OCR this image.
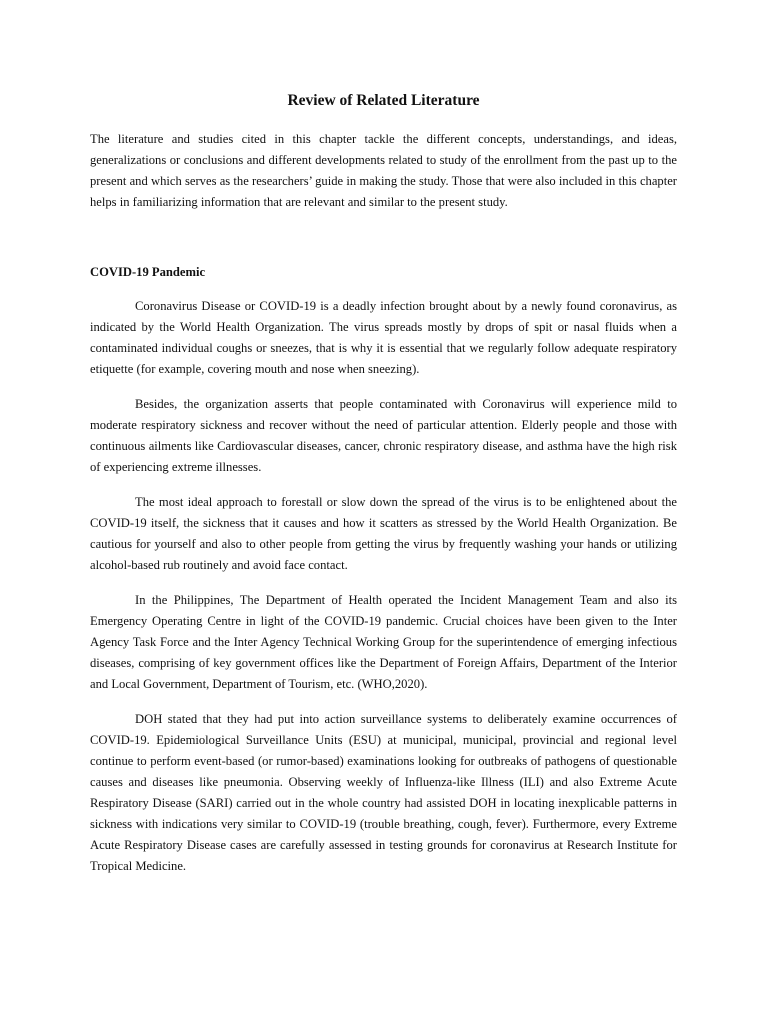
Review of Related Literature

The literature and studies cited in this chapter tackle the different concepts, understandings, and ideas, generalizations or conclusions and different developments related to study of the enrollment from the past up to the present and which serves as the researchers’ guide in making the study. Those that were also included in this chapter helps in familiarizing information that are relevant and similar to the present study.

COVID-19 Pandemic

Coronavirus Disease or COVID-19 is a deadly infection brought about by a newly found coronavirus, as indicated by the World Health Organization. The virus spreads mostly by drops of spit or nasal fluids when a contaminated individual coughs or sneezes, that is why it is essential that we regularly follow adequate respiratory etiquette (for example, covering mouth and nose when sneezing).

Besides, the organization asserts that people contaminated with Coronavirus will experience mild to moderate respiratory sickness and recover without the need of particular attention. Elderly people and those with continuous ailments like Cardiovascular diseases, cancer, chronic respiratory disease, and asthma have the high risk of experiencing extreme illnesses.

The most ideal approach to forestall or slow down the spread of the virus is to be enlightened about the COVID-19 itself, the sickness that it causes and how it scatters as stressed by the World Health Organization. Be cautious for yourself and also to other people from getting the virus by frequently washing your hands or utilizing alcohol-based rub routinely and avoid face contact.

In the Philippines, The Department of Health operated the Incident Management Team and also its Emergency Operating Centre in light of the COVID-19 pandemic. Crucial choices have been given to the Inter Agency Task Force and the Inter Agency Technical Working Group for the superintendence of emerging infectious diseases, comprising of key government offices like the Department of Foreign Affairs, Department of the Interior and Local Government, Department of Tourism, etc. (WHO,2020).

DOH stated that they had put into action surveillance systems to deliberately examine occurrences of COVID-19. Epidemiological Surveillance Units (ESU) at municipal, municipal, provincial and regional level continue to perform event-based (or rumor-based) examinations looking for outbreaks of pathogens of questionable causes and diseases like pneumonia. Observing weekly of Influenza-like Illness (ILI) and also Extreme Acute Respiratory Disease (SARI) carried out in the whole country had assisted DOH in locating inexplicable patterns in sickness with indications very similar to COVID-19 (trouble breathing, cough, fever). Furthermore, every Extreme Acute Respiratory Disease cases are carefully assessed in testing grounds for coronavirus at Research Institute for Tropical Medicine.
